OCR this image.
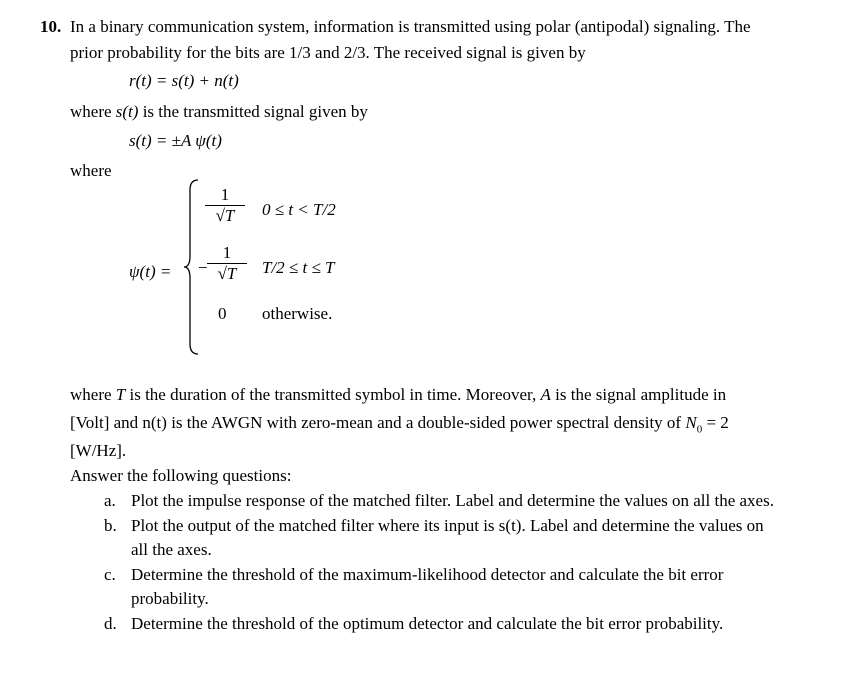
10. In a binary communication system, information is transmitted using polar (antipodal) signaling. The
prior probability for the bits are 1/3 and 2/3. The received signal is given by
r(t) = s(t) + n(t)
where s(t) is the transmitted signal given by
s(t) = ±A ψ(t)
where
ψ(t) =
1
√T	0 ≤ t < T/2
−
1
√T	T/2 ≤ t ≤ T
0 otherwise.
where T is the duration of the transmitted symbol in time. Moreover, A is the signal amplitude in
[Volt] and n(t) is the AWGN with zero-mean and a double-sided power spectral density of $N_0 = 2$
[W/Hz].
Answer the following questions:
a. Plot the impulse response of the matched filter. Label and determine the values on all the axes.
b. Plot the output of the matched filter where its input is s(t). Label and determine the values on
all the axes.
c. Determine the threshold of the maximum-likelihood detector and calculate the bit error
probability.
d. Determine the threshold of the optimum detector and calculate the bit error probability.
